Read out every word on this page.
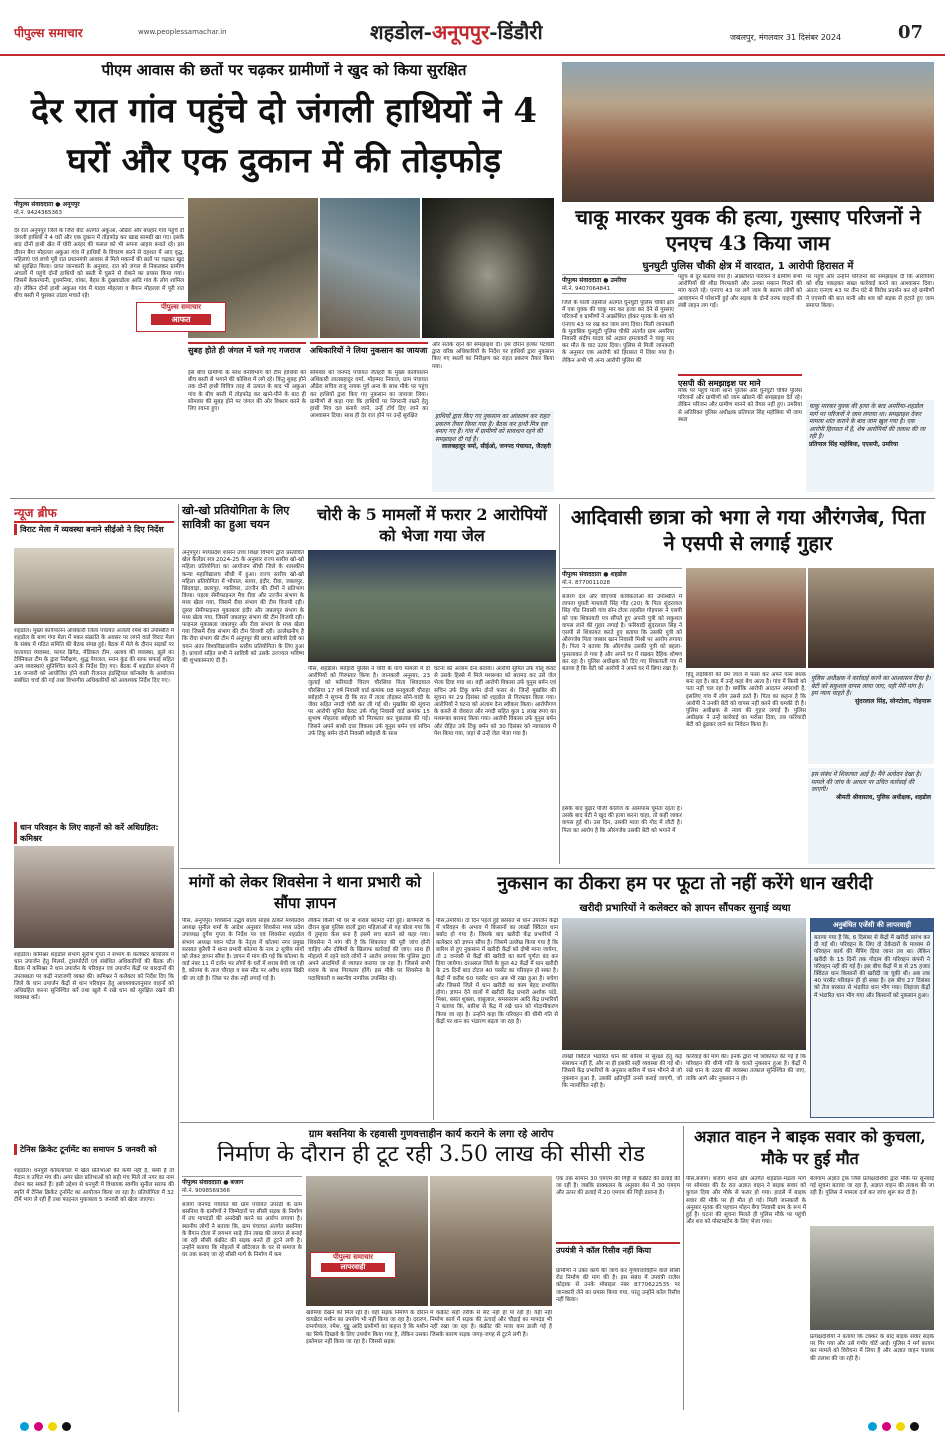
पीपुल्स समाचार	www.peoplessamachar.in	शहडोल-अनूपपुर-डिंडौरी	जबलपुर, मंगलवार 31 दिसंबर 2024	07
पीएम आवास की छतों पर चढ़कर ग्रामीणों ने खुद को किया सुरक्षित
देर रात गांव पहुंचे दो जंगली हाथियों ने 4 घरों और एक दुकान में की तोड़फोड़
पीपुल्स संवाददाता ● अनूपपुर
मो.नं. 9424365363
पीपुल्स समाचार
आफत
देर रात अनूपपुर जिले के जिरा बीट अंतर्गत अकुआ, औढेरा और बधहार गांव पहुंचे दो जंगली हाथियों ने 4 घरों और एक दुकान में तोड़फोड़ कर खाद्य सामग्री खा गए। इसके बाद दोनों हाथी खेत में घोरी अरहर की फसल को भी अपना आहार बनाते रहे। इस दौरान बैगा मोहल्ला अकुआ गांव में हाथियों के विचरण करने से दहशत में आए वृद्ध, महिलाएं एवं बच्चे पूरी रात प्रधानमंत्री आवास से मिले मकानों की छतों पर चढ़कर खुद को सुरक्षित किया। प्राप्त जानकारी के अनुसार, रात को जंगल से निकलकर ग्रामीण अंचलों में पहुंचे दोनों हाथियों को बस्ती में घुसने से रोकने का प्रयास किया गया। जिसमें केकरपानी, दुधमनिया, वांका, बैहार के दुखवाडोला आदि गांव के लोग शामिल रहे। लेकिन दोनों हाथी अकुआ गांव में यादव मोहल्ला व बैगान मोहल्ला में पूरी रात बीच बस्ती में घुसकर तांडव मचाते रहे।
सुबह होते ही जंगल में चले गए गजराज
इस बीच ग्रामीणों के साथ वनविभाग की टीम हाथियों को बीच बस्ती से भगाने की कोशिश में लगे रहे। किंतु सुबह होने तक दोनों हाथी विचित्र तरह से उत्पात के बाद भी अकुआ गांव के बीच बस्ती में तोड़फोड़ कर खाने-पीने के बाद ही सोमवार की सुबह होने पर जंगल की ओर विश्राम करने के लिए रवाना हुए।
अधिकारियों ने लिया नुकसान का जायजा
सोमवार को जनपद पंचायत जैतहरी के मुख्य कार्यपालन अधिकारी लालबहादुर वर्मा, मोहम्मद नियाज, ग्राम पंचायत औढेरा सचिव राजू नायक पूर्व अन्य के साथ मौके पर पहुंच कर हाथियों द्वारा किए गए नुकसान का जायजा लिया। ग्रामीणों से कहा गया कि हाथियों पर निगरानी रखने हेतु हाथी मित्र दल बनाये जाने, उन्हें टॉर्च दिए जाने का आश्वासन दिया। साथ ही देर रात होने पर उन्हें सुरक्षित
और सतर्क रहने की समझाइश दी। इस दौरान हल्का पटवारी द्वारा वरिष्ठ अधिकारियों के निर्देश पर हाथियों द्वारा नुकसान किए गए स्थलों का निरीक्षण कर राहत प्रकरण तैयार किया गया।
हाथियों द्वारा किए गए नुकसान का आंकलन कर राहत प्रकरण तैयार किया गया है। बैठक कर हाथी मित्र दल बनाए गए हैं। गांव में ग्रामीणों को सावधान रहने की समझाइश दी गई है।
लालबहादुर वर्मा, सीईओ, जनपद पंचायत, जैतहरी
चाकू मारकर युवक की हत्या, गुस्साए परिजनों ने एनएच 43 किया जाम
घुनघुटी पुलिस चौकी क्षेत्र में वारदात, 1 आरोपी हिरासत में
पीपुल्स संवाददाता ● उमरिया
मो.नं. 9407064841
जिले के पाली तहसील अंतर्गत घुनघुटी पुलिस चौकी क्षेत्र में एक युवक की चाकू मार कर हत्या कर देने से गुस्साए परिजनों व ग्रामीणों ने आक्रोशित होकर मृतक के शव को एनएच 43 पर रख कर जाम लगा दिया। मिली जानकारी के मुताबिक घुनघुटी पुलिस चौकी अंतर्गत ग्राम अमरिया निवासी संदीप यादव को अज्ञात हमलावरों ने चाकू मार कर मौत के घाट उतार दिया। पुलिस से मिली जानकारी के अनुसार एक आरोपी को हिरासत में लिया गया है। लेकिन अभी भी अन्य आरोपी पुलिस की
पहुंच से दूर बताया गया है। आक्रोशित परिजन व ग्रामीण सभी आरोपियों की शीघ्र गिरफ्तारी और उनका मकान गिराने की मांग करते रहे। एनएच 43 पर लगे जाम के कारण लोगों को आवागमन में परेशानी हुई और सड़क के दोनों तरफ वाहनों की लंबी लाइन लग गई।
एसपी की समझाइश पर माने
मौके पर पहुंचे पाली थाना पुलिस और घुनघुटी चौकी पुलिस परिजनों और ग्रामीणों को जाम खोलने की समझाइश देते रहे। लेकिन परिजन और ग्रामीण मानने को तैयार नहीं हुए। उमरिया से अतिरिक्त पुलिस अधीक्षक प्रतिपाल सिंह महोबिया भी जाम स्थल
पर पहुंचे और उन्होंने परिजनों को समझाइश दी कि आरोपियों को शीघ्र पकड़कर सख्त कार्रवाई करने का आश्वासन दिया। अंततः एनएच 43 पर तीन घंटे से विरोध प्रदर्शन कर रहे ग्रामीणों ने एएसपी की बात मानी और शव को सड़क से हटाते हुए जाम समाप्त किया।
चाकू मारकर युवक की हत्या के बाद अमरिया-शहडोल मार्ग पर परिजनों ने जाम लगाया था। समझाइश देकर मामला शांत कराने के बाद जाम खुल गया है। एक आरोपी हिरासत में है, शेष आरोपियों की तलाश की जा रही है।
प्रतिपाल सिंह महोबिया, एएसपी, उमरिया
न्यूज ब्रीफ
विराट मेला में व्यवस्था बनाने सीईओ ने दिए निर्देश
शहडोल। मुख्य कार्यपालन अधिकारी जिला पंचायत अंजली रमेश की उपस्थिति में शहडोल के बाण गंगा मेला में मकर संक्रांति के अवसर पर लगने वाले विराट मेला के संबंध में गठित समिति की बैठक संपन्न हुई। बैठक में मेले के दौरान सड़कों पर यातायात व्यवस्था, फायर ब्रिगेड, मेडिकल टीम, अलाव की व्यवस्था, झूले का टेक्निकल टीम के द्वारा निरीक्षण, शुद्ध पेयजल, स्नान कुंड की साफ सफाई सहित अन्य व्यवस्थाएं सुनिश्चित करने के निर्देश दिए गए। बैठक में शहडोल संभाग में 16 जनवरी को आयोजित होने वाली रीजनल इंडस्ट्रियल कॉन्क्लेव के आयोजन संबंधित चर्चा की गई तथा विभागीय अधिकारियों को आवश्यक निर्देश दिए गए।
धान परिवहन के लिए वाहनों को करें अधिग्रहित: कमिश्नर
शहडोल। कमिश्नर शहडोल संभाग सुरभि गुप्ता ने संभाग के कलेक्टर कार्यालय में धान उपार्जन हेतु मिलर्स, ट्रांसपोर्टरों एवं संबंधित अधिकारियों की बैठक ली। बैठक में कमिश्नर ने धान उपार्जन के परिवहन एवं उपार्जन केंद्रों पर बारदानों की उपलब्धता पर कड़ी नाराजगी व्यक्त की। कमिश्नर ने कलेक्टर को निर्देश दिए कि जिले के धान उपार्जन केंद्रों से धान परिवहन हेतु आवश्यकतानुसार वाहनों को अधिग्रहित करना सुनिश्चित करें तथा खुले में रखे धान को सुरक्षित रखने की व्यवस्था करें।
टेनिस क्रिकेट टूर्नामेंट का समापन 5 जनवरी को
शहडोल। धनपुरी कोयलांचल में खेल प्रतिभाओं की कमी नहीं है, कमी है तो मैदान व उचित मंच की। अगर खेल प्रतिभाओं को सही मंच मिले तो नगर का नाम रोशन कर सकते हैं। इसी उद्देश्य से धनपुरी में विधायक स्वर्गीय सुनील सराफ की स्मृति में टेनिस क्रिकेट टूर्नामेंट का आयोजन किया जा रहा है। प्रतियोगिता में 32 टीमें भाग ले रही हैं तथा फाइनल मुकाबला 5 जनवरी को खेला जाएगा।
खो-खो प्रतियोगिता के लिए सावित्री का हुआ चयन
अनूपपुर। मध्यप्रदेश शासन उच्च शिक्षा विभाग द्वारा प्रस्तावित खेल कैलेंडर सत्र 2024-25 के अनुसार राज्य स्तरीय खो-खो महिला प्रतियोगिता का आयोजन सीधी जिले के शासकीय कन्या महाविद्यालय सीधी में हुआ। राज्य स्तरीय खो-खो महिला प्रतियोगिता में भोपाल, सागर, इंदौर, रीवा, जबलपुर, छिंदवाड़ा, छतरपुर, ग्वालियर, उज्जैन की टीमों ने प्रतिभाग किया। पहला सेमीफाइनल मैच रीवा और उज्जैन संभाग के मध्य खेला गया, जिसमें रीवा संभाग की टीम विजयी रही। दूसरा सेमीफाइनल मुकाबला इंदौर और जबलपुर संभाग के मध्य खेला गया, जिसमें जबलपुर संभाग की टीम विजयी रही। फाइनल मुकाबला जबलपुर और रीवा संभाग के मध्य खेला गया जिसमें रीवा संभाग की टीम विजयी रही। उल्लेखनीय है कि रीवा संभाग की टीम में अनूपपुर की छात्रा सावित्री देवी का चयन अंतर विश्वविद्यालयीन स्तरीय प्रतियोगिता के लिए हुआ है। प्राचार्य सहित सभी ने सावित्री को उसके उज्ज्वल भविष्य की शुभकामनाएं दी हैं।
चोरी के 5 मामलों में फरार 2 आरोपियों को भेजा गया जेल
पीसं, शहडोल। ब्योहारी पुलिस ने चोरी के पांच मामलों में दो आरोपियों को गिरफ्तार किया है। जानकारी अनुसार, 23 जुलाई को फरियादी चिराग चौरसिया पिता शिवदयाल चौरसिया 17 वर्ष निवासी वार्ड क्रमांक 08 बनवुकली चौराहा ब्योहारी ने सूचना दी कि रात में ताला तोड़कर सोने-चांदी के जेवर सहित नगदी चोरी कर ली गई थी। मुखबिर की सूचना पर आरोपी सुमित केवट उर्फ गोलू निवासी वार्ड क्रमांक 15 सुभाष मोहल्ला ब्योहारी को गिरफ्तार कर पूछताछ की गई। जिसने अपने साथी दारा विकास उर्फ यूनुस बर्मन एवं सचिन उर्फ टिंकू बर्मन दोनों निवासी ब्योहारी के साथ
घटना को अंजाम देना बताया। आरोपी सुमित उर्फ गोलू केवट से उसके हिस्से में मिले मशरूका को बरामद कर उसे जेल भेजा दिया गया था। वहीं आरोपी विकास उर्फ यूनुस बर्मन एवं सचिन उर्फ टिंकू बर्मन दोनों फरार थे। जिन्हें मुखबिर की सूचना पर 29 दिसंबर को शहडोल से गिरफ्तार किया गया। आरोपियों ने घटना को अंजाम देना स्वीकार किया। आरोपीगण के कब्जे से जेवरात और नगदी सहित कुल 1 लाख रुपए का मशरूका बरामद किया गया। आरोपी विकास उर्फ यूनुस बर्मन और रोहित उर्फ टिंकू बर्मन को 30 दिसंबर को न्यायालय में पेश किया गया, जहां से उन्हें जेल भेजा गया है।
आदिवासी छात्रा को भगा ले गया औरंगजेब, पिता ने एसपी से लगाई गुहार
पीपुल्स संवाददाता ● शहडोल
मो.नं. 8770011028
बजरंग दल और वीएचपी कार्यकर्ताओं की उपस्थिति में लापता युवती माधवती सिंह गोंड (20) के पिता सुंदरलाल सिंह गोंड निवासी गांव सोन टोला तहसील गोहपारू ने एसपी को एक शिकायती पत्र सौंपते हुए अपनी पुत्री को सकुशल वापस लाने की गुहार लगाई है। फरियादी सुंदरलाल सिंह ने एसपी से शिकायत करते हुए बताया कि उसकी पुत्री को औरंगजेब पिता जब्बार खान निवासी मिश्री पर आरोप लगाया है। पिता ने बताया कि औरंगजेब उसकी पुत्री को बहला-फुसलाकर ले गया है और अपने घर में रखकर दैहिक शोषण कर रहा है। पुलिस अधीक्षक को दिए गए शिकायती पत्र में बताया है कि बेटी को आरोपी ने अपने घर में छिपा रखा है।
इसके बाद बुढ़ार पीजी कॉलेज के आसपास घूमता रहता है। उसके बाद बेटी ने खुद की हत्या करना चाहा, तो कहीं जाकर वापस हुई थी। उस दिन, उसकी माता की गोद में लौटी है। पिता का आरोप है कि औरंगजेब उसकी बेटी को भगाने में
हिंदू लड़कियों को प्रेम जाल में फंसा कर अपने पास बंधक बना रहा है। बाद में उन्हें कहां बेच आता है। गांव में किसी को पता नहीं चल रहा है। क्योंकि आरोपी आदतन अपराधी है, इसलिए गांव में लोग उससे डरते हैं। पिता का कहना है कि आरोपी ने उनकी बेटी को वापस नहीं करने की धमकी दी है। पुलिस अधीक्षक से न्याय की गुहार लगाई है। पुलिस अधीक्षक ने उन्हें कार्रवाई का भरोसा दिया, तब फरियादी बेटी को ढूंढकर लाने का निवेदन किया है।
पुलिस अधीक्षक ने कार्रवाई करने का आश्वासन दिया है। बेटी को सकुशल वापस लाया जाए, यही मेरी मांग है। हम न्याय चाहते हैं।
सुंदरलाल सिंह, सोनटोला, गोहपारू
इस संबंध में शिकायत आई है। मैंने आवेदन देखा है। मामले की जांच के आधार पर उचित कार्रवाई की जाएगी।
श्रीमती श्रीवास्तव, पुलिस अधीक्षक, शहडोल
मांगों को लेकर शिवसेना ने थाना प्रभारी को सौंपा ज्ञापन
पीसं, अनूपपुर। शिवसेना उद्धव बाला साहब ठाकरे मध्यप्रदेश अध्यक्ष सुनील शर्मा के आदेश अनुसार शिवसेना मध्य प्रदेश उपाध्यक्ष दुर्गेश गुप्ता के निर्देश पर एवं शिवसेना शहडोल संभाग अध्यक्ष पवन पटेल के नेतृत्व में कोतमा नगर प्रमुख सरस्वत कुरैशी ने थाना प्रभारी कोतमा के नाम 2 सूत्रीय मांगों को लेकर ज्ञापन सौंपा है। ज्ञापन में मांग की गई कि कोतमा के वार्ड नंबर 11 में दर्जन भर लोगों के घरों में शराब बेची जा रही है, कोतमा के ताल चौराहा व बस स्टैंड पर अवैध शराब बिक्री की जा रही है। जिस पर रोक नहीं लगाई गई है।
लेकिन किसी भी घर से शराब बरामद नहीं हुई। छापेमारी के दौरान कुछ पुलिस वालों द्वारा महिलाओं से यह बोला गया कि ये तुम्हारा केस बना है इसमें सच बताने को कहा गया। शिवसेना ने मांग की है कि शिकायत की पूरी जांच होनी चाहिए और दोषियों के खिलाफ कार्रवाई की जाए। साथ ही मोहल्ले में रहने वाले लोगों ने आरोप लगाया कि पुलिस द्वारा अपने आदमियों से व्यापार कराया जा रहा है। जिससे सभी शराब के साथ गिरफ्तार होंगे। इस मौके पर शिवसेना के पदाधिकारी व स्थानीय नागरिक उपस्थित रहे।
नुकसान का ठीकरा हम पर फूटा तो नहीं करेंगे धान खरीदी
खरीदी प्रभारियों ने कलेक्टर को ज्ञापन सौंपकर सुनाई व्यथा
पीसं,उमरिया। दो दिन पहले हुई बरसात से धान उपार्जन केंद्रों में परिवहन के अभाव में किसानों का लाखों क्विंटल धान बर्बाद हो गया है। जिसके बाद खरीदी केंद्र प्रभारियों ने कलेक्टर को ज्ञापन सौंपा है। जिसमें उल्लेख किया गया है कि बारिश से हुए नुकसान में खरीदी केंद्रों को दोषी माना जायेगा, तो 2 जनवरी से केंद्रों की खरीदी का कार्य पूर्णतः बंद कर दिया जायेगा। दरअसल जिले के कुल 42 केंद्रों में धान खरीदी के 25 दिनों बाद टोटल 40 परसेंट का परिवहन हो सका है। केंद्रों में करीब 60 परसेंट धान अब भी रखा हुआ है। बचेगा और जिससे जिले में धान खरीदी का काम बेहद प्रभावित होगा। ज्ञापन देने वालों में खरीदी केंद्र प्रभारी अशोक पांडे, मिश्रा, बसंत शुक्ला, वाबूलाल, समसरराम आदि केंद्र प्रभारियों ने बताया कि, बारिश से केंद्र में रखे धान को गोदामीकरण किया जा रहा है। उन्होंने कहा कि परिवहन की धीमी गति से केंद्रों पर धान का भंडारण बढ़ता जा रहा है।
लाखों क्विंटल भंडारित धान की बारिश से सुरक्षा हेतु कई संसाधन नहीं हैं, और ना ही इसकी सही व्यवस्था की गई थी। जिससे केंद्र प्रभारियों के अनुसार बारिश में धान भीगने से जो नुकसान हुआ है, उसकी क्षतिपूर्ति उनसे कराई जाएगी, जो कि न्यायोचित नहीं है।
कार्रवाई की मांग की। इनके द्वारा भी शिकायत की गई है कि परिवहन की धीमी गति के चलते नुकसान हुआ है। केंद्रों में रखे धान के उठाव की व्यवस्था तत्काल सुनिश्चित की जाए, ताकि आगे और नुकसान न हो।
अनुबंधित एजेंसी की लापरवाही
बताया गया है कि, 6 दिसंबर से केंद्रों में खरीदी प्रारंभ कर दी गई थी। परिवहन के लिए दो ठेकेदारों के माध्यम से परिवहन कार्य की मैपिंग दिया जाना तय था। लेकिन खरीदी के 15 दिनों तक गोदाम की परिवहन कंपनी ने परिवहन नहीं की गई है। इस बीच केंद्रों में 8 से 25 हजार क्विंटल धान किसानों की खरीदी जा चुकी थी। अब तक 40 परसेंट परिवहन ही हो सका है। इस बीच 27 दिसंबर को तेज बरसात से भंडारित धान भीग गया। लिहाजा केंद्रों में भंडारित धान भीग गया और किसानों को नुकसान हुआ।
ग्राम बसनिया के रहवासी गुणवत्ताहीन कार्य कराने के लगा रहे आरोप
निर्माण के दौरान ही टूट रही 3.50 लाख की सीसी रोड
पीपुल्स संवाददाता ● बजाग
मो.नं. 9098569366
बजाग जनपद पंचायत की ग्राम पंचायत उपरठी के ग्राम बसनिया के ग्रामीणों ने जिम्मेदारों पर सीसी सड़क के निर्माण में तय मापदंडों की अनदेखी करने का आरोप लगाया है। स्थानीय लोगों ने बताया कि, ग्राम पंचायत अंतर्गत बसनिया के बैगान टोला में लगभग साढ़े तीन लाख की लागत से बनाई जा रही सीसी कंक्रीट की सड़क बनते ही टूटने लगी है। उन्होंने बताया कि मोहल्ले में छोटेलाल के घर से समाज के घर तक बनाए जा रहे सीसी मार्ग के निर्माण में कम	पीपुल्स समाचार
लापरवाही
खामियां देखने को मिल रहीं हैं। वहीं सड़क निर्माण के दौरान वायब्रेटर मशीन का उपयोग भी नहीं किया जा रहा है। दरारण, रामगोपाल, रमेश, गुड्डू आदि ग्रामीणों का कहना है कि मशीन का सिर्फ दिखावे के लिए उपयोग किया गया है, लेकिन उसका इस्तेमाल नहीं किया जा रहा है। जिससे सड़क
में कंक्रीट सही तरीके से सेट नहीं हो पा रही है। यही नहीं निर्माण कार्य में सड़क की ऊंचाई और चौड़ाई का मापदंड भी नहीं रखा जा रहा है। कंक्रीट की मात्रा कम डाली गई है जिसके कारण सड़क जगह-जगह से टूटने लगी है।
एक तक सामान 30 एमएम की गिट्टी से कंक्रीट की ढलाई की जा रही है। जबकि प्राक्कलन के अनुसार बेस में 30 एमएम और ऊपर की ढलाई में 20 एमएम की गिट्टी डालना है।
उपयंत्री ने कॉल रिसीव नहीं किया
ग्रामीणों ने उक्त कार्य की जांच कर गुणवत्ताविहीन वाले सीसी रोड निर्माण की मांग की है। इस संबंध में उपयंत्री राजेश कोड़ाक से उनके मोबाइल नंबर 8770622535 पर जानकारी लेने का प्रयास किया गया, परंतु उन्होंने कॉल रिसीव नहीं किया।
अज्ञात वाहन ने बाइक सवार को कुचला, मौके पर हुई मौत
पीसं,बजाग। बजाग थाना क्षेत्र अंतर्गत शहडोल-मंडला मार्ग पर सोमवार की देर रात अज्ञात वाहन ने बाइक सवार को कुचल दिया और मौके से फरार हो गया। हादसे में बाइक सवार की मौके पर ही मौत हो गई। मिली जानकारी के अनुसार मृतक की पहचान मोहन बैगा निवासी ग्राम के रूप में हुई है। घटना की सूचना मिलते ही पुलिस मौके पर पहुंची और शव को पोस्टमार्टम के लिए भेजा गया।
बेलगाम अज्ञात ट्रक जिसे प्रत्यक्षदर्शियों द्वारा मौके पर सुनवाई गई सूचना बताया जा रहा है, अज्ञात वाहन की तलाश की जा रही है। पुलिस ने मामला दर्ज कर जांच शुरू कर दी है।
प्रत्यक्षदर्शियों ने बताया कि टक्कर के बाद बाइक सवार सड़क पर गिर गया और उसे गंभीर चोटें आईं। पुलिस ने मर्ग कायम कर मामले को विवेचना में लिया है और अज्ञात वाहन चालक की तलाश की जा रही है।
